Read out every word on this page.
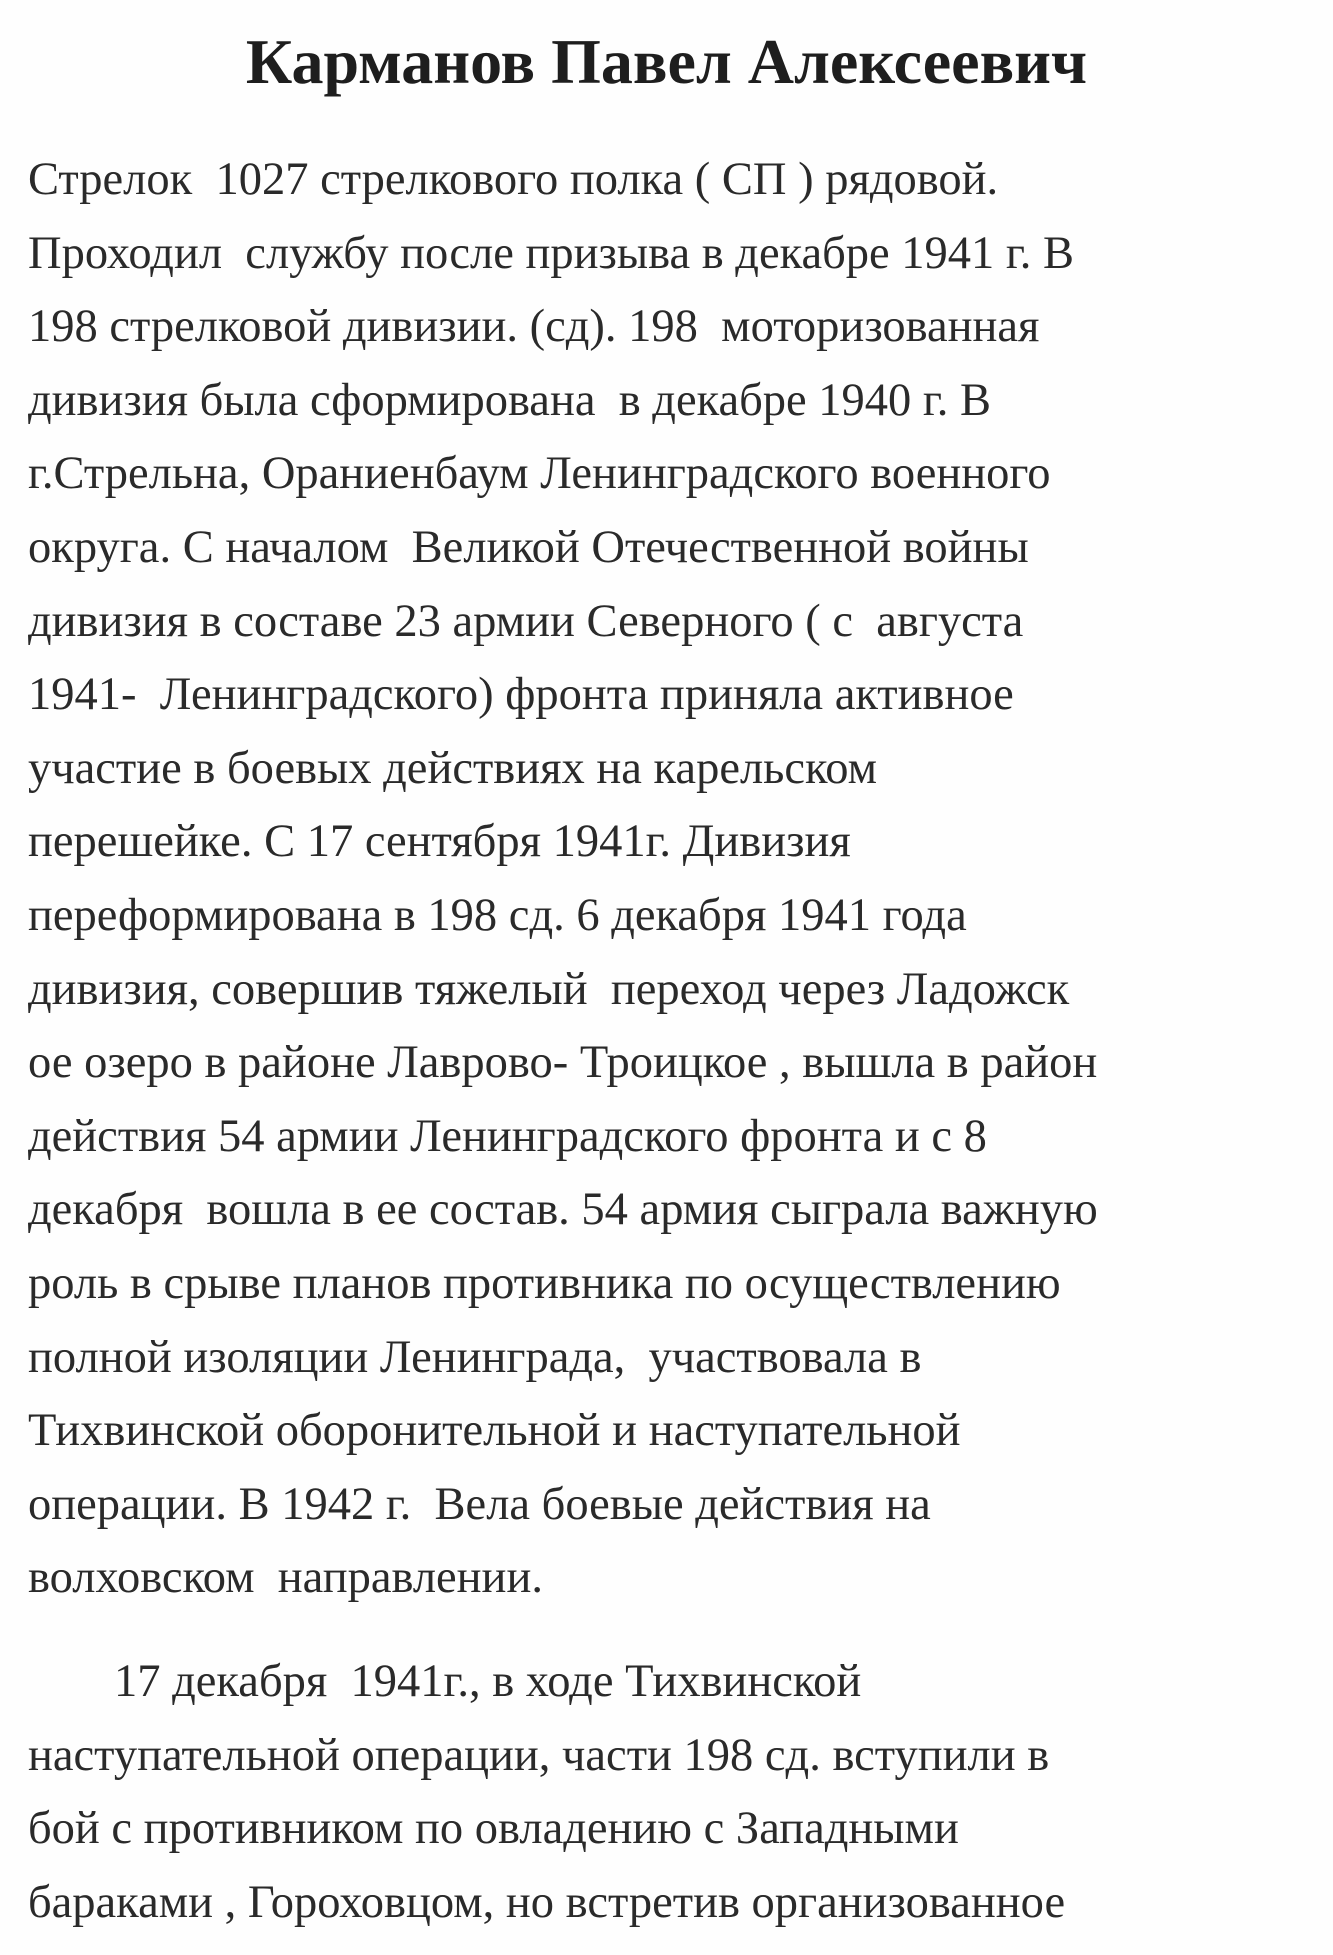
Карманов Павел Алексеевич
Стрелок  1027 стрелкового полка ( СП ) рядовой.
Проходил  службу после призыва в декабре 1941 г. В
198 стрелковой дивизии. (сд). 198  моторизованная
дивизия была сформирована  в декабре 1940 г. В
г.Стрельна, Ораниенбаум Ленинградского военного
округа. С началом  Великой Отечественной войны
дивизия в составе 23 армии Северного ( с  августа
1941-  Ленинградского) фронта приняла активное
участие в боевых действиях на карельском
перешейке. С 17 сентября 1941г. Дивизия
переформирована в 198 сд. 6 декабря 1941 года
дивизия, совершив тяжелый  переход через Ладожск
ое озеро в районе Лаврово- Троицкое , вышла в район
действия 54 армии Ленинградского фронта и с 8
декабря  вошла в ее состав. 54 армия сыграла важную
роль в срыве планов противника по осуществлению
полной изоляции Ленинграда,  участвовала в
Тихвинской оборонительной и наступательной
операции. В 1942 г.  Вела боевые действия на
волховском  направлении.
17 декабря  1941г., в ходе Тихвинской
наступательной операции, части 198 сд. вступили в
бой с противником по овладению с Западными
бараками , Гороховцом, но встретив организованное
